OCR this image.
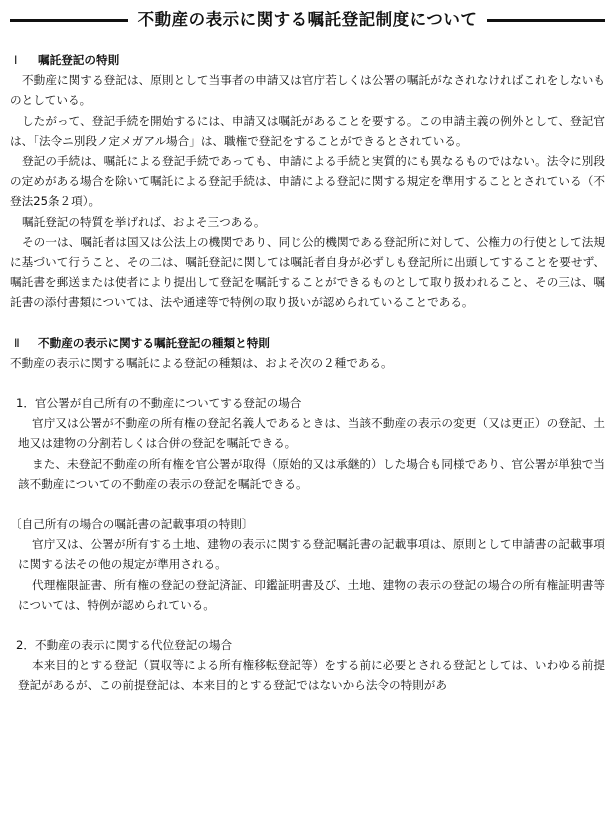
不動産の表示に関する嘱託登記制度について

Ⅰ 嘱託登記の特則

不動産に関する登記は、原則として当事者の申請又は官庁若しくは公署の嘱託がなされなければこれをしないものとしている。

したがって、登記手続を開始するには、申請又は嘱託があることを要する。この申請主義の例外として、登記官は、「法令ニ別段ノ定メガアル場合」は、職権で登記をすることができるとされている。

登記の手続は、嘱託による登記手続であっても、申請による手続と実質的にも異なるものではない。法令に別段の定めがある場合を除いて嘱託による登記手続は、申請による登記に関する規定を準用することとされている（不登法25条２項）。

嘱託登記の特質を挙げれば、およそ三つある。

その一は、嘱託者は国又は公法上の機関であり、同じ公的機関である登記所に対して、公権力の行使として法規に基づいて行うこと、その二は、嘱託登記に関しては嘱託者自身が必ずしも登記所に出頭してすることを要せず、嘱託書を郵送または使者により提出して登記を嘱託することができるものとして取り扱われること、その三は、嘱託書の添付書類については、法や通達等で特例の取り扱いが認められていることである。

Ⅱ 不動産の表示に関する嘱託登記の種類と特則

不動産の表示に関する嘱託による登記の種類は、およそ次の２種である。

1．官公署が自己所有の不動産についてする登記の場合

官庁又は公署が不動産の所有権の登記名義人であるときは、当該不動産の表示の変更（又は更正）の登記、土地又は建物の分割若しくは合併の登記を嘱託できる。

また、未登記不動産の所有権を官公署が取得（原始的又は承継的）した場合も同様であり、官公署が単独で当該不動産についての不動産の表示の登記を嘱託できる。

〔自己所有の場合の嘱託書の記載事項の特則〕

官庁又は、公署が所有する土地、建物の表示に関する登記嘱託書の記載事項は、原則として申請書の記載事項に関する法その他の規定が準用される。

代理権限証書、所有権の登記の登記済証、印鑑証明書及び、土地、建物の表示の登記の場合の所有権証明書等については、特例が認められている。

2．不動産の表示に関する代位登記の場合

本来目的とする登記（買収等による所有権移転登記等）をする前に必要とされる登記としては、いわゆる前提登記があるが、この前提登記は、本来目的とする登記ではないから法令の特則があ
